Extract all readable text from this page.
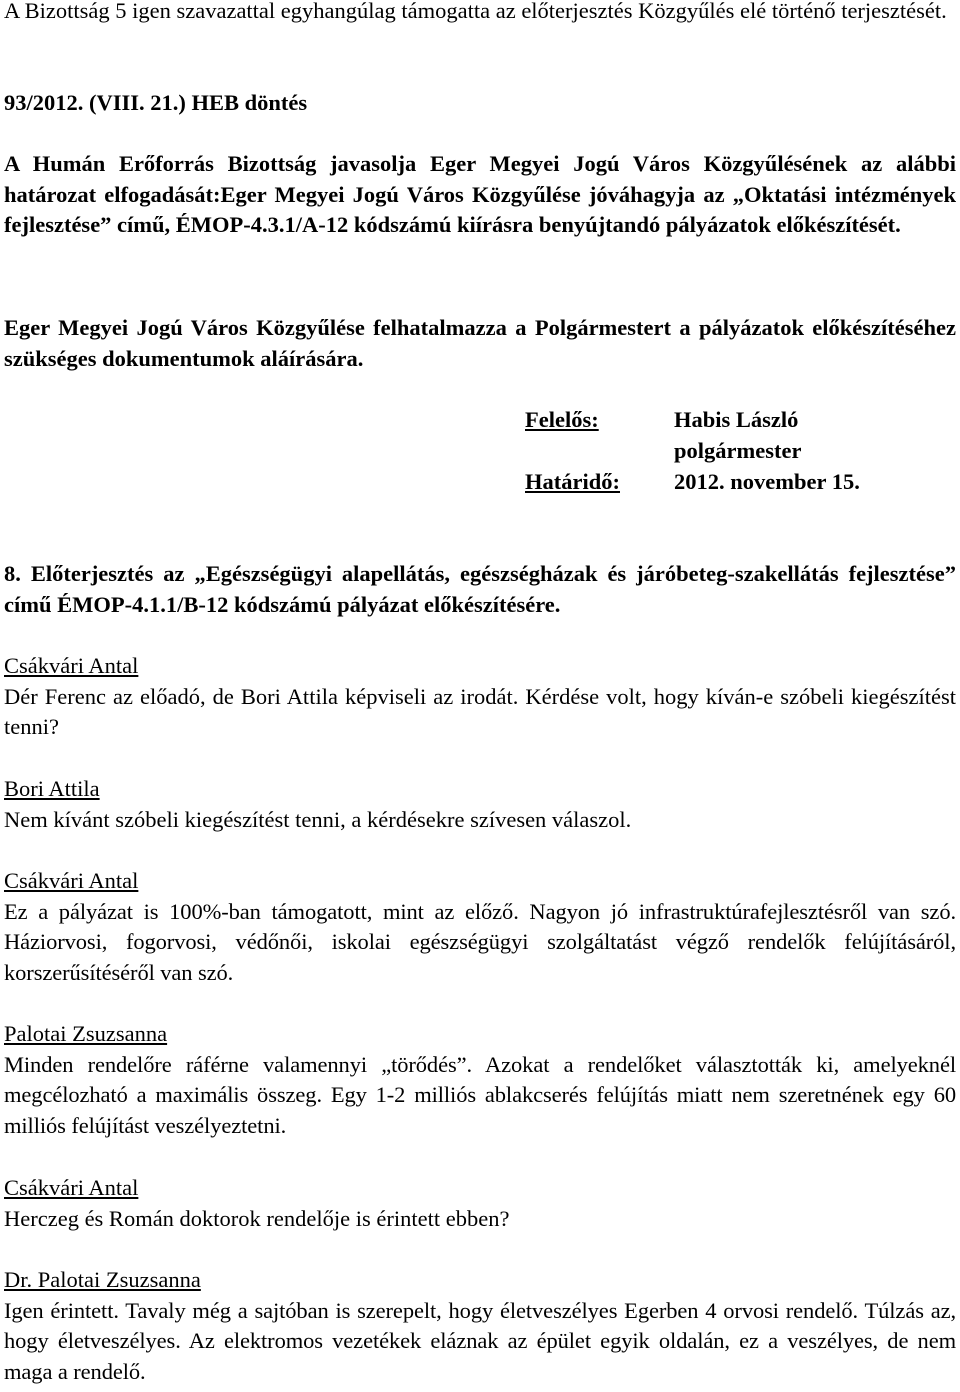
A Bizottság 5 igen szavazattal egyhangúlag támogatta az előterjesztés Közgyűlés elé történő terjesztését.

93/2012. (VIII. 21.) HEB döntés

A Humán Erőforrás Bizottság javasolja Eger Megyei Jogú Város Közgyűlésének az alábbi határozat elfogadását:Eger Megyei Jogú Város Közgyűlése jóváhagyja az „Oktatási intézmények fejlesztése” című, ÉMOP-4.3.1/A-12 kódszámú kiírásra benyújtandó pályázatok előkészítését.

Eger Megyei Jogú Város Közgyűlése felhatalmazza a Polgármestert a pályázatok előkészítéséhez szükséges dokumentumok aláírására.

Felelős:	Habis László
polgármester
Határidő: 2012. november 15.

8. Előterjesztés az „Egészségügyi alapellátás, egészségházak és járóbeteg-szakellátás fejlesztése” című ÉMOP-4.1.1/B-12 kódszámú pályázat előkészítésére.

Csákvári Antal
Dér Ferenc az előadó, de Bori Attila képviseli az irodát. Kérdése volt, hogy kíván-e szóbeli kiegészítést tenni?
Bori Attila
Nem kívánt szóbeli kiegészítést tenni, a kérdésekre szívesen válaszol.
Csákvári Antal
Ez a pályázat is 100%-ban támogatott, mint az előző. Nagyon jó infrastruktúrafejlesztésről van szó. Háziorvosi, fogorvosi, védőnői, iskolai egészségügyi szolgáltatást végző rendelők felújításáról, korszerűsítéséről van szó.
Palotai Zsuzsanna
Minden rendelőre ráférne valamennyi „törődés”. Azokat a rendelőket választották ki, amelyeknél megcélozható a maximális összeg. Egy 1-2 milliós ablakcserés felújítás miatt nem szeretnének egy 60 milliós felújítást veszélyeztetni.
Csákvári Antal
Herczeg és Román doktorok rendelője is érintett ebben?
Dr. Palotai Zsuzsanna
Igen érintett. Tavaly még a sajtóban is szerepelt, hogy életveszélyes Egerben 4 orvosi rendelő. Túlzás az, hogy életveszélyes. Az elektromos vezetékek eláznak az épület egyik oldalán, ez a veszélyes, de nem maga a rendelő.
